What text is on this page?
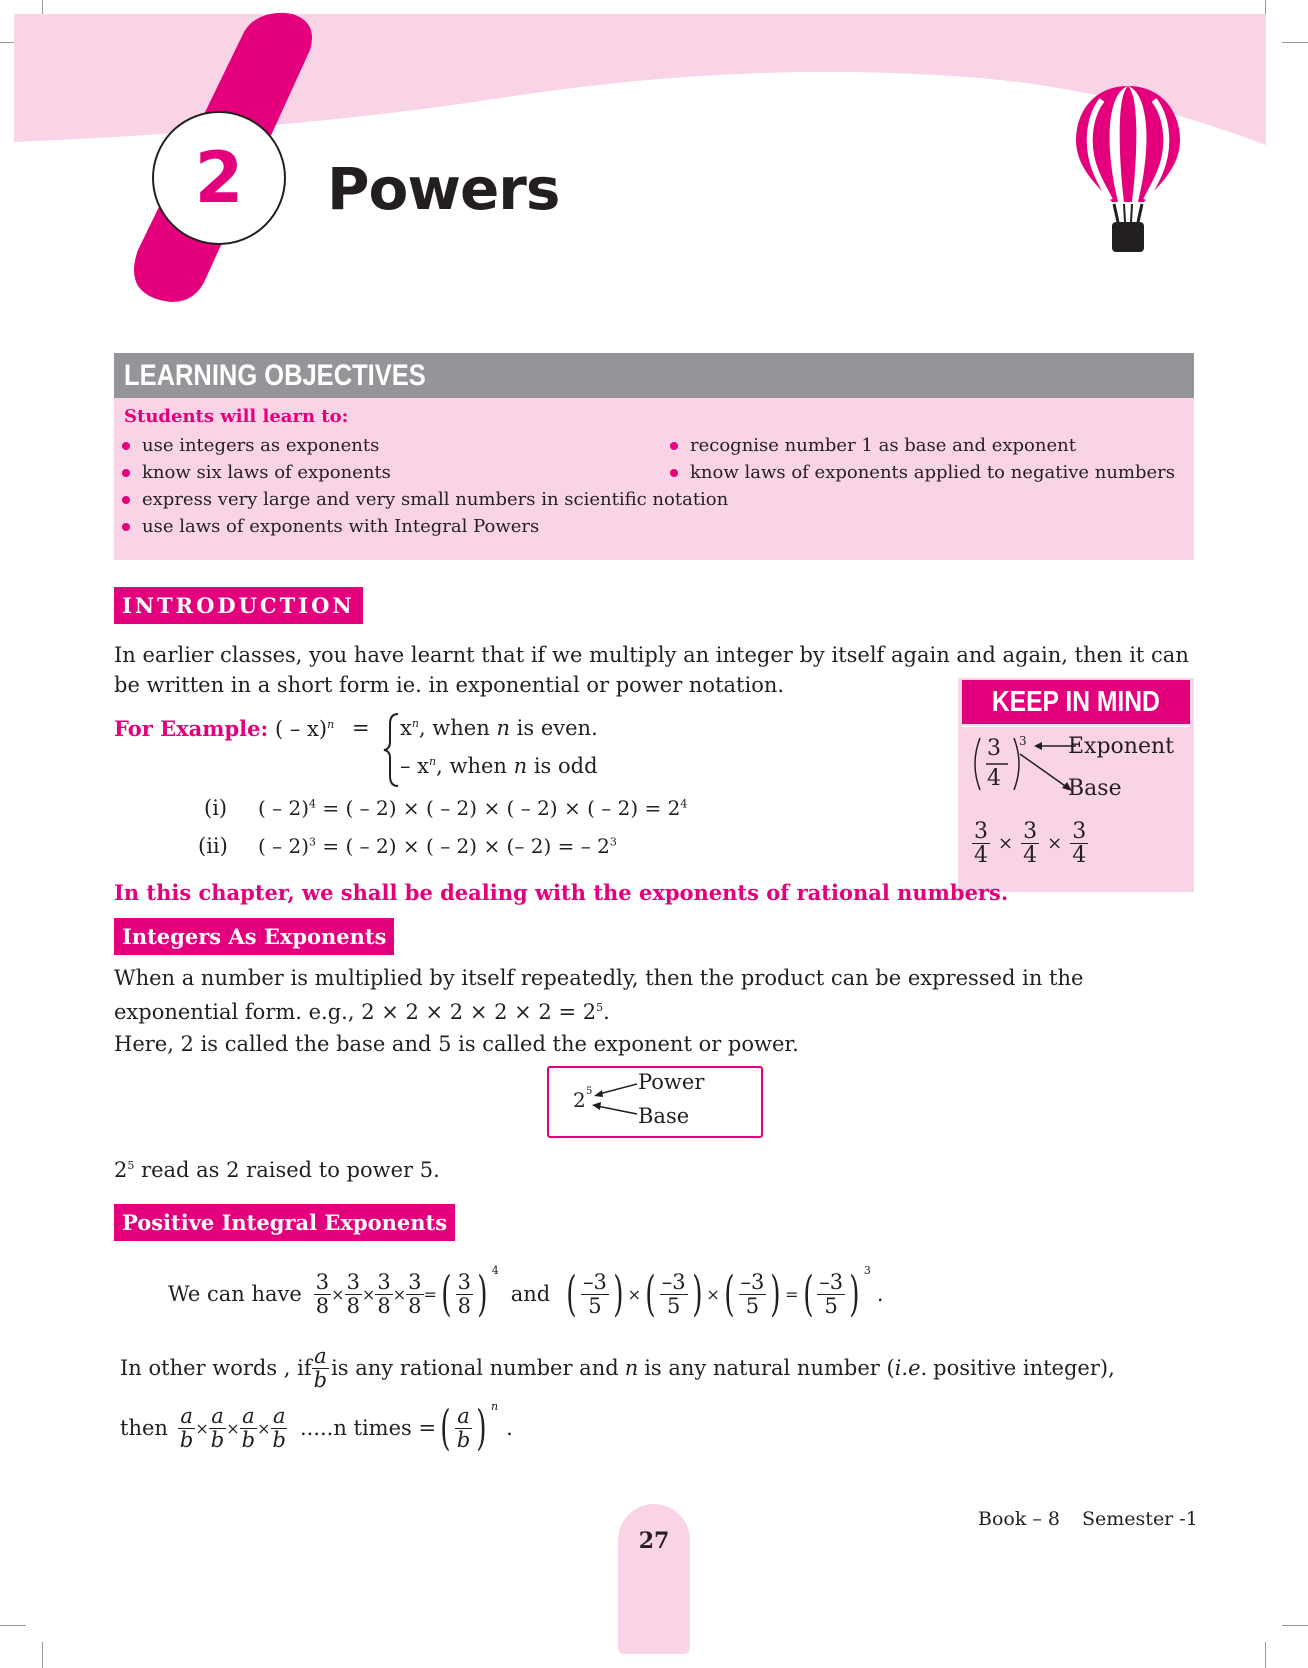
2 Powers
LEARNING OBJECTIVES
Students will learn to:
use integers as exponents
know six laws of exponents
express very large and very small numbers in scientific notation
use laws of exponents with Integral Powers
recognise number 1 as base and exponent
know laws of exponents applied to negative numbers
INTRODUCTION
In earlier classes, you have learnt that if we multiply an integer by itself again and again, then it can be written in a short form ie. in exponential or power notation.
KEEP IN MIND
3
4
3 Exponent
Base
$\frac{3}{4} \times \frac{3}{4} \times \frac{3}{4}$
For Example: ( – $x)^n = x^n$, when n is even.
– $x^n$, when n is odd
(i) ( – 2)$^4$ = ( – 2) × ( – 2) × ( – 2) × ( – $2) = 2^4$
(ii) ( – 2)$^3$ = ( – 2) × ( – 2) × (– 2) = – $2^3$
In this chapter, we shall be dealing with the exponents of rational numbers.
Integers As Exponents
When a number is multiplied by itself repeatedly, then the product can be expressed in the exponential form. e.g., $2 \times 2 \times 2 \times 2 \times 2 = 2^5$.
Here, 2 is called the base and 5 is called the exponent or power.
2 5 Power
Base
$2^5$ read as 2 raised to power 5.
Positive Integral Exponents
We can have $\frac{3}{8} \times \frac{3}{8} \times \frac{3}{8} \times \frac{3}{8}$ = ( $\frac{3}{8}$ ) 4
and ( $\frac{-3}{5}$ ) × ( $\frac{-3}{5}$ ) × ( $\frac{-3}{5}$ ) = ( $\frac{-3}{5}$ ) 3
.
In other words , if $\frac{a}{b}$ is any rational number and n is any natural number ( i.e. positive integer),
then $\frac{a}{b} \times \frac{a}{b} \times \frac{a}{b} \times \frac{a}{b} .....n$ times = ( $\frac{a}{b}$ ) n
.
Book – 8 Semester -1
27
